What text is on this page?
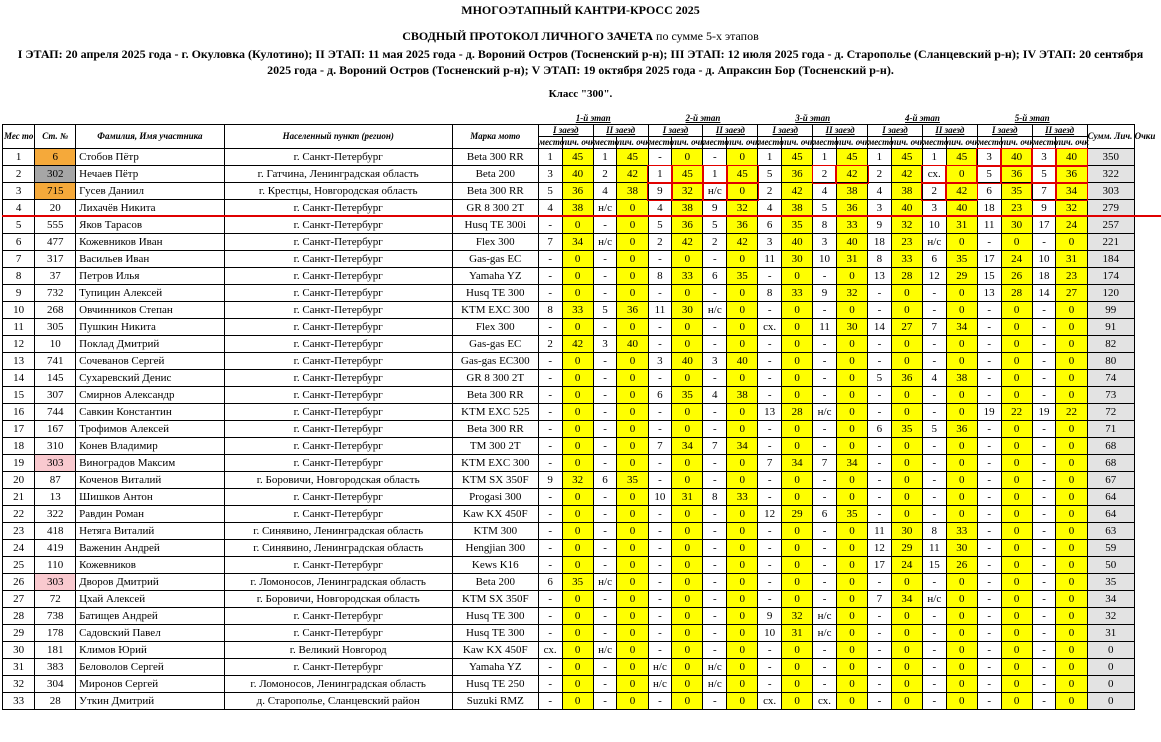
МНОГОЭТАПНЫЙ КАНТРИ-КРОСС 2025
СВОДНЫЙ ПРОТОКОЛ ЛИЧНОГО ЗАЧЕТА по сумме 5-х этапов
I ЭТАП: 20 апреля 2025 года - г. Окуловка (Кулотино); II ЭТАП: 11 мая 2025 года - д. Вороний Остров (Тосненский р-н); III ЭТАП: 12 июля 2025 года - д. Старополье (Сланцевский р-н); IV ЭТАП: 20 сентября 2025 года - д. Вороний Остров (Тосненский р-н); V ЭТАП: 19 октября 2025 года - д. Апраксин Бор (Тосненский р-н).
Класс "300".
					1-й этап				2-й этап				3-й этап				4-й этап				5-й этап				
Мес то	Ст. №	Фамилия, Имя участника	Населенный пункт (регион)	Марка мото	I заезд		II заезд		I заезд		II заезд		I заезд		II заезд		I заезд		II заезд		I заезд		II заезд		Сумм. Лич. Очки
					место	лич. очк	место	лич. очк	место	лич. очк	место	лич. очк	место	лич. очк	место	лич. очк	место	лич. очк	место	лич. очк	место	лич. очк	место	лич. очк	
1	6	Стобов Пётр	г. Санкт-Петербург	Beta 300 RR	1	45	1	45	-	0	-	0	1	45	1	45	1	45	1	45	3	40	3	40	350
2	302	Нечаев Пётр	г. Гатчина, Ленинградская область	Beta 200	3	40	2	42	1	45	1	45	5	36	2	42	2	42	сх.	0	5	36	5	36	322
3	715	Гусев Даниил	г. Крестцы, Новгородская область	Beta 300 RR	5	36	4	38	9	32	н/с	0	2	42	4	38	4	38	2	42	6	35	7	34	303
4	20	Лихачёв Никита	г. Санкт-Петербург	GR 8 300 2T	4	38	н/с	0	4	38	9	32	4	38	5	36	3	40	3	40	18	23	9	32	279
5	555	Яков Тарасов	г. Санкт-Петербург	Husq TE 300i	-	0	-	0	5	36	5	36	6	35	8	33	9	32	10	31	11	30	17	24	257
6	477	Кожевников Иван	г. Санкт-Петербург	Flex 300	7	34	н/с	0	2	42	2	42	3	40	3	40	18	23	н/с	0	-	0	-	0	221
7	317	Васильев Иван	г. Санкт-Петербург	Gas-gas EC	-	0	-	0	-	0	-	0	11	30	10	31	8	33	6	35	17	24	10	31	184
8	37	Петров Илья	г. Санкт-Петербург	Yamaha YZ	-	0	-	0	8	33	6	35	-	0	-	0	13	28	12	29	15	26	18	23	174
9	732	Тупицин Алексей	г. Санкт-Петербург	Husq TE 300	-	0	-	0	-	0	-	0	8	33	9	32	-	0	-	0	13	28	14	27	120
10	268	Овчинников Степан	г. Санкт-Петербург	KTM EXC 300	8	33	5	36	11	30	н/с	0	-	0	-	0	-	0	-	0	-	0	-	0	99
11	305	Пушкин Никита	г. Санкт-Петербург	Flex 300	-	0	-	0	-	0	-	0	сх.	0	11	30	14	27	7	34	-	0	-	0	91
12	10	Поклад Дмитрий	г. Санкт-Петербург	Gas-gas EC	2	42	3	40	-	0	-	0	-	0	-	0	-	0	-	0	-	0	-	0	82
13	741	Сочеванов Сергей	г. Санкт-Петербург	Gas-gas EC300	-	0	-	0	3	40	3	40	-	0	-	0	-	0	-	0	-	0	-	0	80
14	145	Сухаревский Денис	г. Санкт-Петербург	GR 8 300 2T	-	0	-	0	-	0	-	0	-	0	-	0	5	36	4	38	-	0	-	0	74
15	307	Смирнов Александр	г. Санкт-Петербург	Beta 300 RR	-	0	-	0	6	35	4	38	-	0	-	0	-	0	-	0	-	0	-	0	73
16	744	Савкин Константин	г. Санкт-Петербург	KTM EXC 525	-	0	-	0	-	0	-	0	13	28	н/с	0	-	0	-	0	19	22	19	22	72
17	167	Трофимов Алексей	г. Санкт-Петербург	Beta 300 RR	-	0	-	0	-	0	-	0	-	0	-	0	6	35	5	36	-	0	-	0	71
18	310	Конев Владимир	г. Санкт-Петербург	TM 300 2T	-	0	-	0	7	34	7	34	-	0	-	0	-	0	-	0	-	0	-	0	68
19	303	Виноградов Максим	г. Санкт-Петербург	KTM EXC 300	-	0	-	0	-	0	-	0	7	34	7	34	-	0	-	0	-	0	-	0	68
20	87	Коченов Виталий	г. Боровичи, Новгородская область	KTM SX 350F	9	32	6	35	-	0	-	0	-	0	-	0	-	0	-	0	-	0	-	0	67
21	13	Шишков Антон	г. Санкт-Петербург	Progasi 300	-	0	-	0	10	31	8	33	-	0	-	0	-	0	-	0	-	0	-	0	64
22	322	Равдин Роман	г. Санкт-Петербург	Kaw KX 450F	-	0	-	0	-	0	-	0	12	29	6	35	-	0	-	0	-	0	-	0	64
23	418	Нетяга Виталий	г. Синявино, Ленинградская область	KTM 300	-	0	-	0	-	0	-	0	-	0	-	0	11	30	8	33	-	0	-	0	63
24	419	Важенин Андрей	г. Синявино, Ленинградская область	Hengjian 300	-	0	-	0	-	0	-	0	-	0	-	0	12	29	11	30	-	0	-	0	59
25	110	Кожевников	г. Санкт-Петербург	Kews K16	-	0	-	0	-	0	-	0	-	0	-	0	17	24	15	26	-	0	-	0	50
26	303	Дворов Дмитрий	г. Ломоносов, Ленинградская область	Beta 200	6	35	н/с	0	-	0	-	0	-	0	-	0	-	0	-	0	-	0	-	0	35
27	72	Цхай Алексей	г. Боровичи, Новгородская область	KTM SX 350F	-	0	-	0	-	0	-	0	-	0	-	0	7	34	н/с	0	-	0	-	0	34
28	738	Батищев Андрей	г. Санкт-Петербург	Husq TE 300	-	0	-	0	-	0	-	0	9	32	н/с	0	-	0	-	0	-	0	-	0	32
29	178	Садовский Павел	г. Санкт-Петербург	Husq TE 300	-	0	-	0	-	0	-	0	10	31	н/с	0	-	0	-	0	-	0	-	0	31
30	181	Климов Юрий	г. Великий Новгород	Kaw KX 450F	сх.	0	н/с	0	-	0	-	0	-	0	-	0	-	0	-	0	-	0	-	0	0
31	383	Беловолов Сергей	г. Санкт-Петербург	Yamaha YZ	-	0	-	0	н/с	0	н/с	0	-	0	-	0	-	0	-	0	-	0	-	0	0
32	304	Миронов Сергей	г. Ломоносов, Ленинградская область	Husq TE 250	-	0	-	0	н/с	0	н/с	0	-	0	-	0	-	0	-	0	-	0	-	0	0
33	28	Уткин Дмитрий	д. Старополье, Сланцевский район	Suzuki RMZ	-	0	-	0	-	0	-	0	сх.	0	сх.	0	-	0	-	0	-	0	-	0	0
